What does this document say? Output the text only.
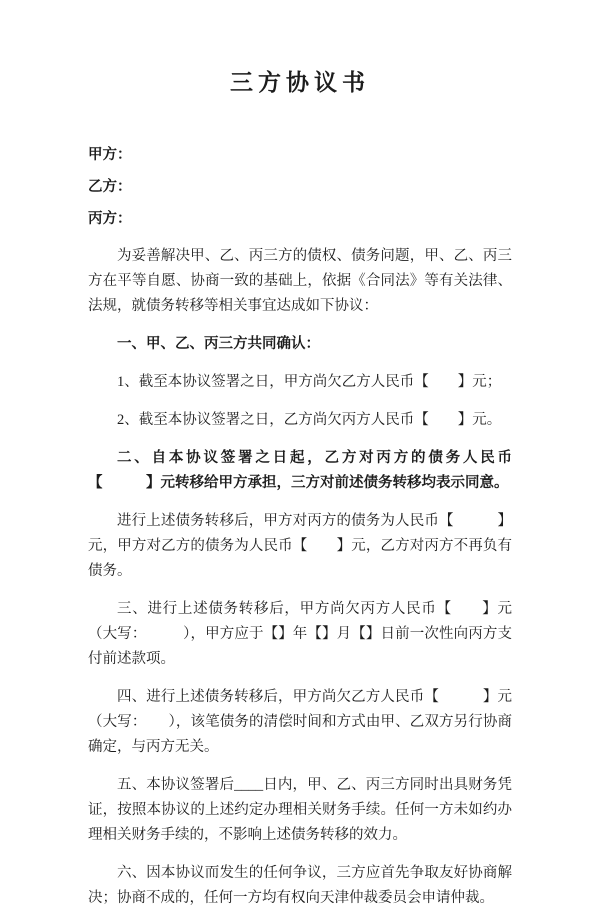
三方协议书

甲方：

乙方：

丙方：

为妥善解决甲、乙、丙三方的债权、债务问题，甲、乙、丙三方在平等自愿、协商一致的基础上，依据《合同法》等有关法律、法规，就债务转移等相关事宜达成如下协议：

一、甲、乙、丙三方共同确认：

1、截至本协议签署之日，甲方尚欠乙方人民币【　　】元；

2、截至本协议签署之日，乙方尚欠丙方人民币【　　】元。

二、自本协议签署之日起，乙方对丙方的债务人民币【　　　】元转移给甲方承担，三方对前述债务转移均表示同意。

进行上述债务转移后，甲方对丙方的债务为人民币【　　　】元，甲方对乙方的债务为人民币【　　】元，乙方对丙方不再负有债务。

三、进行上述债务转移后，甲方尚欠丙方人民币【　　】元（大写：　　　），甲方应于【】年【】月【】日前一次性向丙方支付前述款项。

四、进行上述债务转移后，甲方尚欠乙方人民币【　　　】元（大写：　　），该笔债务的清偿时间和方式由甲、乙双方另行协商确定，与丙方无关。

五、本协议签署后____日内，甲、乙、丙三方同时出具财务凭证，按照本协议的上述约定办理相关财务手续。任何一方未如约办理相关财务手续的，不影响上述债务转移的效力。

六、因本协议而发生的任何争议，三方应首先争取友好协商解决；协商不成的，任何一方均有权向天津仲裁委员会申请仲裁。
